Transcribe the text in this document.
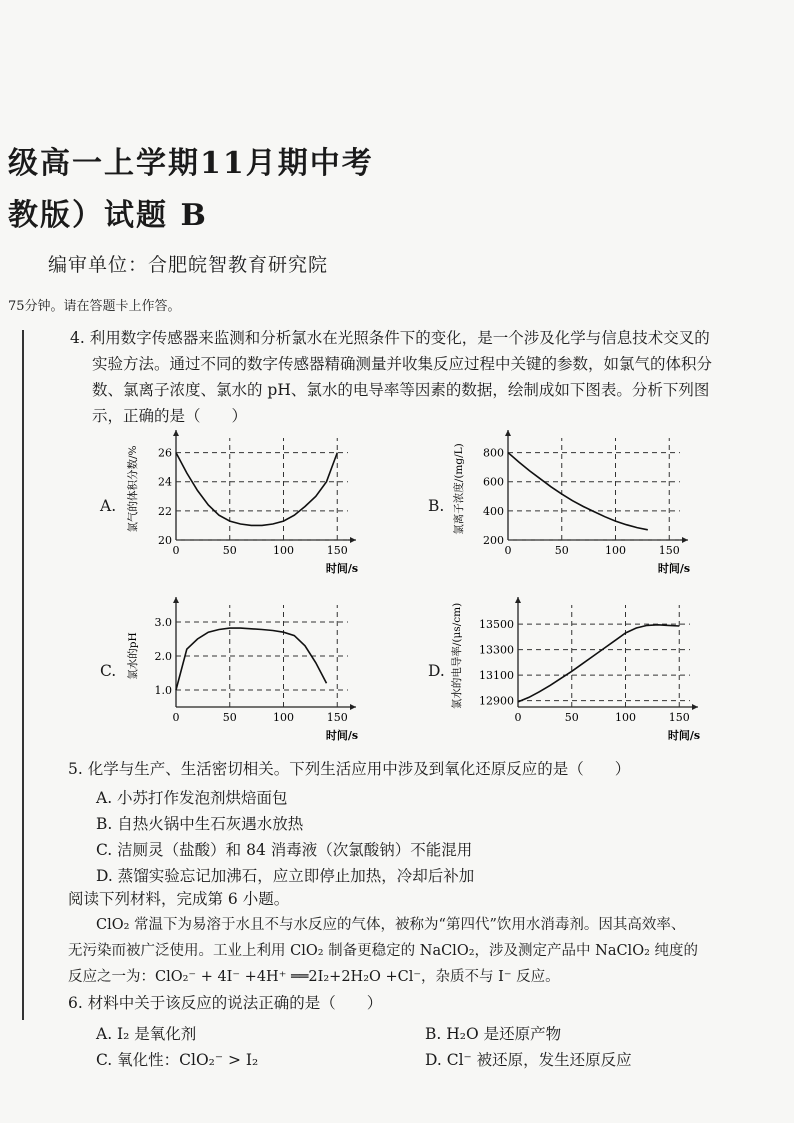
级高一上学期11月期中考
教版）试题 B
编审单位：合肥皖智教育研究院
75分钟。请在答题卡上作答。
4. 利用数字传感器来监测和分析氯水在光照条件下的变化，是一个涉及化学与信息技术交叉的
实验方法。通过不同的数字传感器精确测量并收集反应过程中关键的参数，如氯气的体积分
数、氯离子浓度、氯水的 pH、氯水的电导率等因素的数据，绘制成如下图表。分析下列图
示，正确的是（　　）
A.	B.
C.	D.
0	50	100	150
20
22
24
26
时间/s
氯气的体积分数/%
0	50	100	150
200
400
600
800
时间/s
氯离子浓度/(mg/L)
0	50	100	150
1.0
2.0
3.0
时间/s
氯水的pH
0	50	100	150
12900
13100
13300
13500
时间/s
氯水的电导率/(μs/cm)
5. 化学与生产、生活密切相关。下列生活应用中涉及到氧化还原反应的是（　　）
A. 小苏打作发泡剂烘焙面包
B. 自热火锅中生石灰遇水放热
C. 洁厕灵（盐酸）和 84 消毒液（次氯酸钠）不能混用
D. 蒸馏实验忘记加沸石，应立即停止加热，冷却后补加
阅读下列材料，完成第 6 小题。
ClO₂ 常温下为易溶于水且不与水反应的气体，被称为“第四代”饮用水消毒剂。因其高效率、
无污染而被广泛使用。工业上利用 ClO₂ 制备更稳定的 NaClO₂，涉及测定产品中 NaClO₂ 纯度的
反应之一为：ClO₂⁻ + 4I⁻ +4H⁺ ══2I₂+2H₂O +Cl⁻，杂质不与 I⁻ 反应。
6. 材料中关于该反应的说法正确的是（　　）
A. I₂ 是氧化剂	B. H₂O 是还原产物
C. 氧化性：ClO₂⁻ > I₂	D. Cl⁻ 被还原，发生还原反应
